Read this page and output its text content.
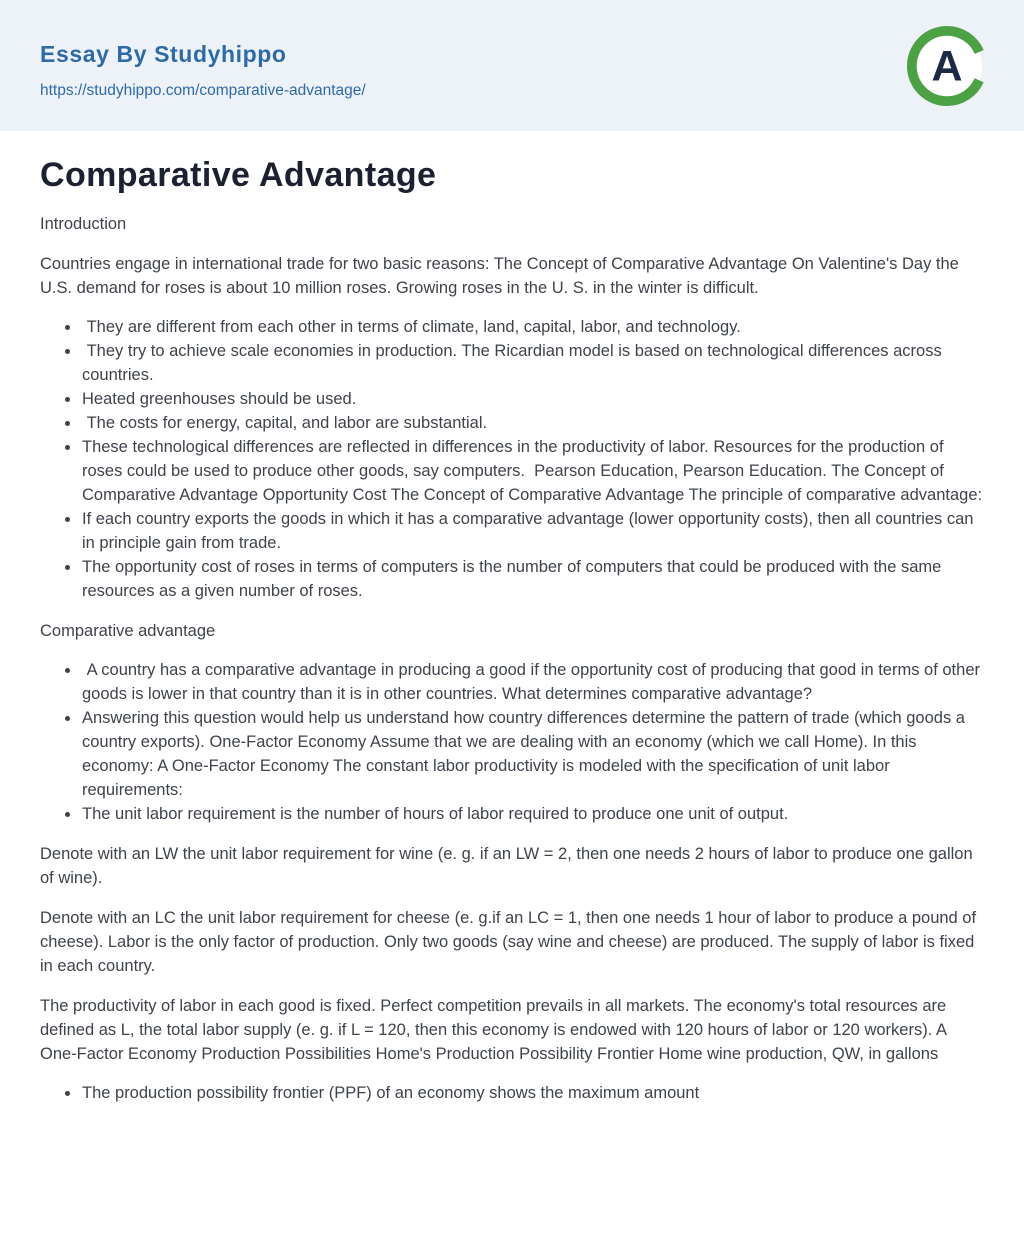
Essay By Studyhippo
https://studyhippo.com/comparative-advantage/
A
Comparative Advantage

Introduction

Countries engage in international trade for two basic reasons: The Concept of Comparative Advantage On Valentine's Day the U.S. demand for roses is about 10 million roses. Growing roses in the U. S. in the winter is difficult.

•  They are different from each other in terms of climate, land, capital, labor, and technology.
•  They try to achieve scale economies in production. The Ricardian model is based on technological differences across countries.
• Heated greenhouses should be used.
•  The costs for energy, capital, and labor are substantial.
• These technological differences are reflected in differences in the productivity of labor. Resources for the production of roses could be used to produce other goods, say computers.  Pearson Education, Pearson Education. The Concept of Comparative Advantage Opportunity Cost The Concept of Comparative Advantage The principle of comparative advantage:
• If each country exports the goods in which it has a comparative advantage (lower opportunity costs), then all countries can in principle gain from trade.
• The opportunity cost of roses in terms of computers is the number of computers that could be produced with the same resources as a given number of roses.

Comparative advantage

•  A country has a comparative advantage in producing a good if the opportunity cost of producing that good in terms of other goods is lower in that country than it is in other countries. What determines comparative advantage?
• Answering this question would help us understand how country differences determine the pattern of trade (which goods a country exports). One-Factor Economy Assume that we are dealing with an economy (which we call Home). In this economy: A One-Factor Economy The constant labor productivity is modeled with the specification of unit labor requirements:
• The unit labor requirement is the number of hours of labor required to produce one unit of output.

Denote with an LW the unit labor requirement for wine (e. g. if an LW = 2, then one needs 2 hours of labor to produce one gallon of wine).

Denote with an LC the unit labor requirement for cheese (e. g.if an LC = 1, then one needs 1 hour of labor to produce a pound of cheese). Labor is the only factor of production. Only two goods (say wine and cheese) are produced. The supply of labor is fixed in each country.

The productivity of labor in each good is fixed. Perfect competition prevails in all markets. The economy's total resources are defined as L, the total labor supply (e. g. if L = 120, then this economy is endowed with 120 hours of labor or 120 workers). A One-Factor Economy Production Possibilities Home's Production Possibility Frontier Home wine production, QW, in gallons

• The production possibility frontier (PPF) of an economy shows the maximum amount
